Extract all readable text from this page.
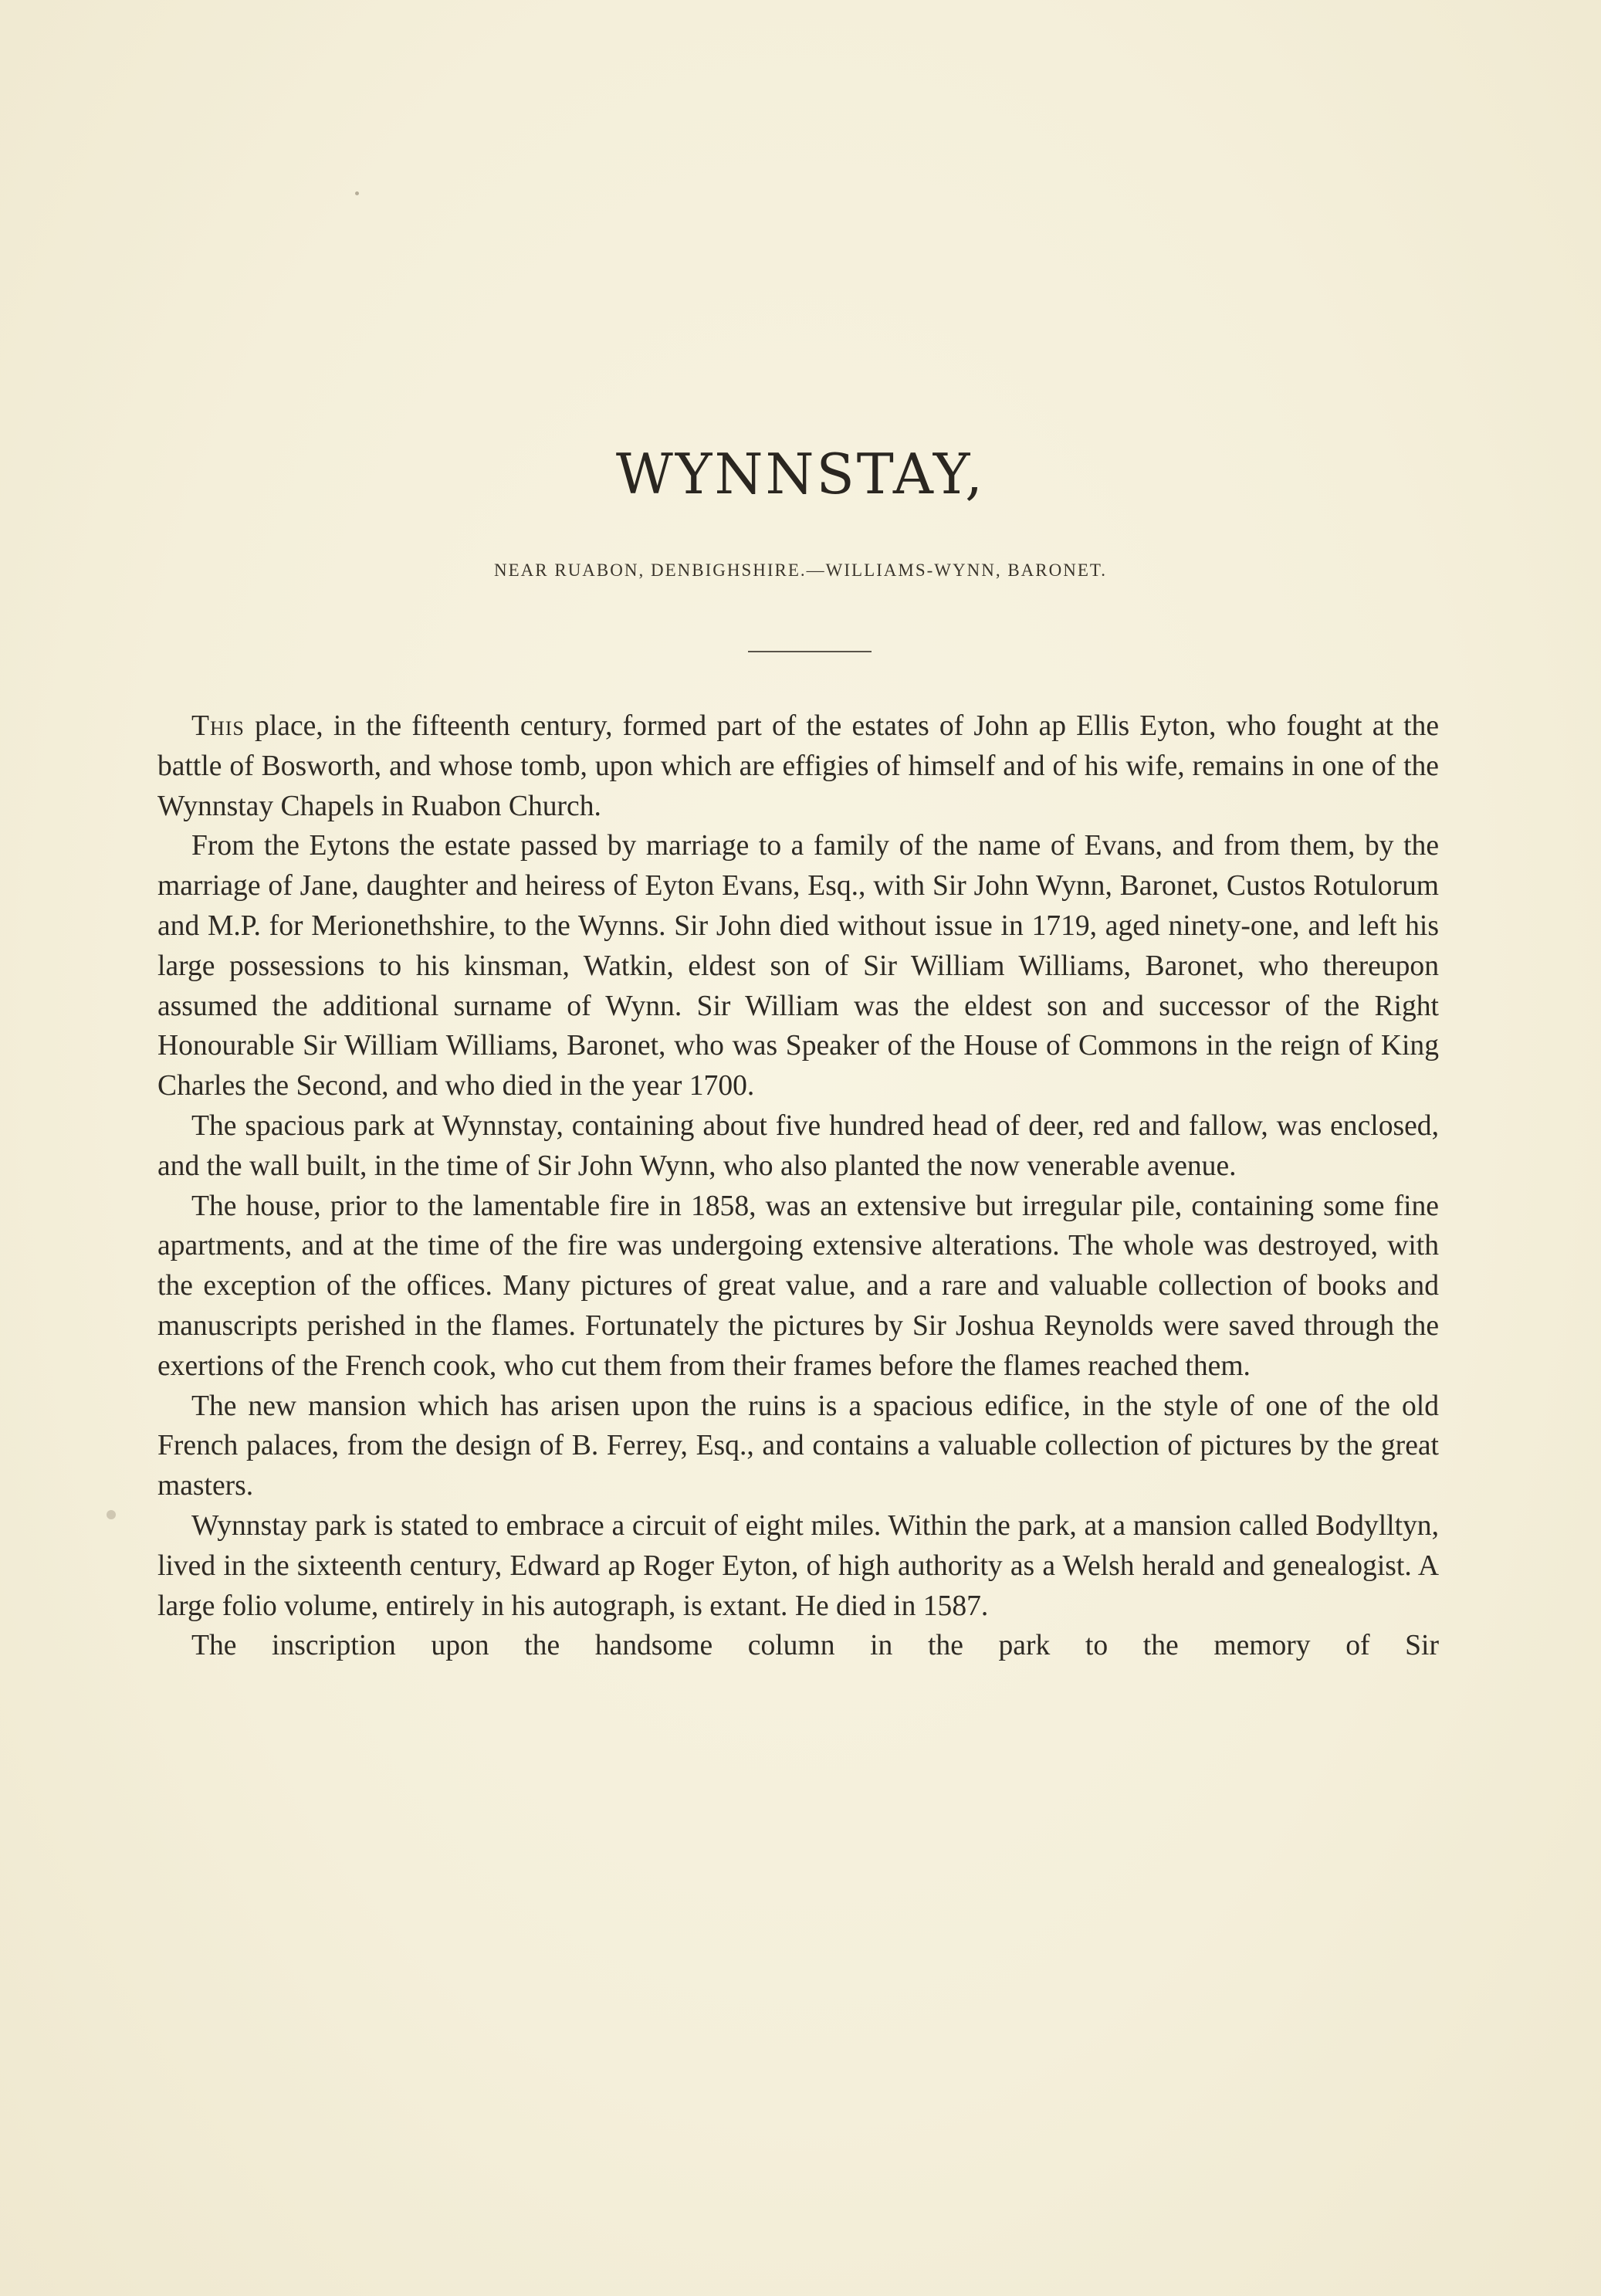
WYNNSTAY,
NEAR RUABON, DENBIGHSHIRE.—WILLIAMS-WYNN, BARONET.

This place, in the fifteenth century, formed part of the estates of John ap Ellis Eyton, who fought at the battle of Bosworth, and whose tomb, upon which are effigies of himself and of his wife, remains in one of the Wynnstay Chapels in Ruabon Church.

From the Eytons the estate passed by marriage to a family of the name of Evans, and from them, by the marriage of Jane, daughter and heiress of Eyton Evans, Esq., with Sir John Wynn, Baronet, Custos Rotulorum and M.P. for Merionethshire, to the Wynns. Sir John died without issue in 1719, aged ninety-one, and left his large possessions to his kinsman, Watkin, eldest son of Sir William Williams, Baronet, who thereupon assumed the additional surname of Wynn. Sir William was the eldest son and successor of the Right Honourable Sir William Williams, Baronet, who was Speaker of the House of Commons in the reign of King Charles the Second, and who died in the year 1700.

The spacious park at Wynnstay, containing about five hundred head of deer, red and fallow, was enclosed, and the wall built, in the time of Sir John Wynn, who also planted the now venerable avenue.

The house, prior to the lamentable fire in 1858, was an extensive but irregular pile, containing some fine apartments, and at the time of the fire was undergoing extensive alterations. The whole was destroyed, with the exception of the offices. Many pictures of great value, and a rare and valuable collection of books and manuscripts perished in the flames. Fortunately the pictures by Sir Joshua Reynolds were saved through the exertions of the French cook, who cut them from their frames before the flames reached them.

The new mansion which has arisen upon the ruins is a spacious edifice, in the style of one of the old French palaces, from the design of B. Ferrey, Esq., and contains a valuable collection of pictures by the great masters.

Wynnstay park is stated to embrace a circuit of eight miles. Within the park, at a mansion called Bodylltyn, lived in the sixteenth century, Edward ap Roger Eyton, of high authority as a Welsh herald and genealogist. A large folio volume, entirely in his autograph, is extant. He died in 1587.

The inscription upon the handsome column in the park to the memory of Sir
